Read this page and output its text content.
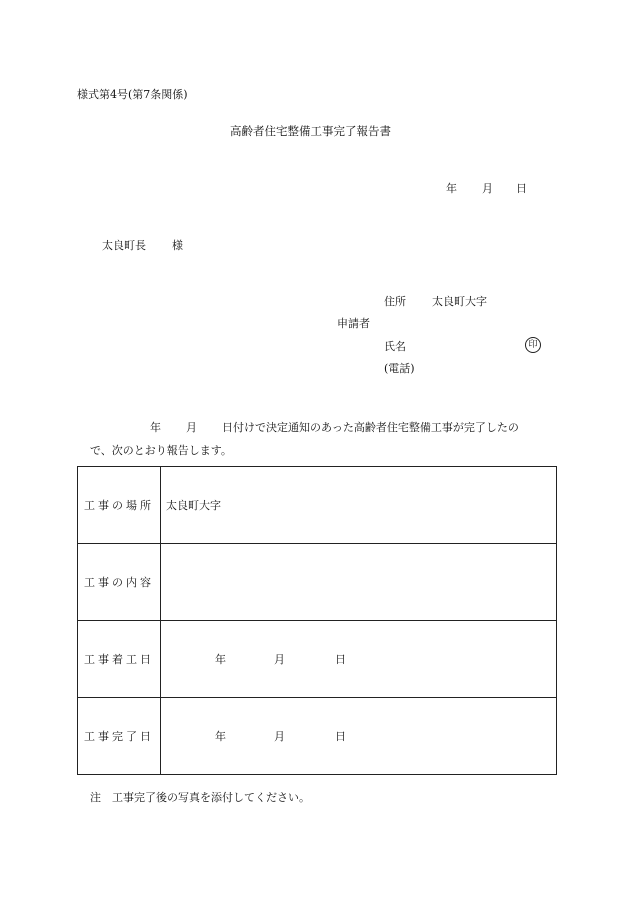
様式第4号(第7条関係)
高齢者住宅整備工事完了報告書
年 月 日
太良町長 様
住所 太良町大字
申請者
氏名	印
(電話)
年 月 日付けで決定通知のあった高齢者住宅整備工事が完了したの
で、次のとおり報告します。
工事の場所	太良町大字
工事の内容	
工事着工日	年 月 日

工事完了日	年 月 日
注　工事完了後の写真を添付してください。
